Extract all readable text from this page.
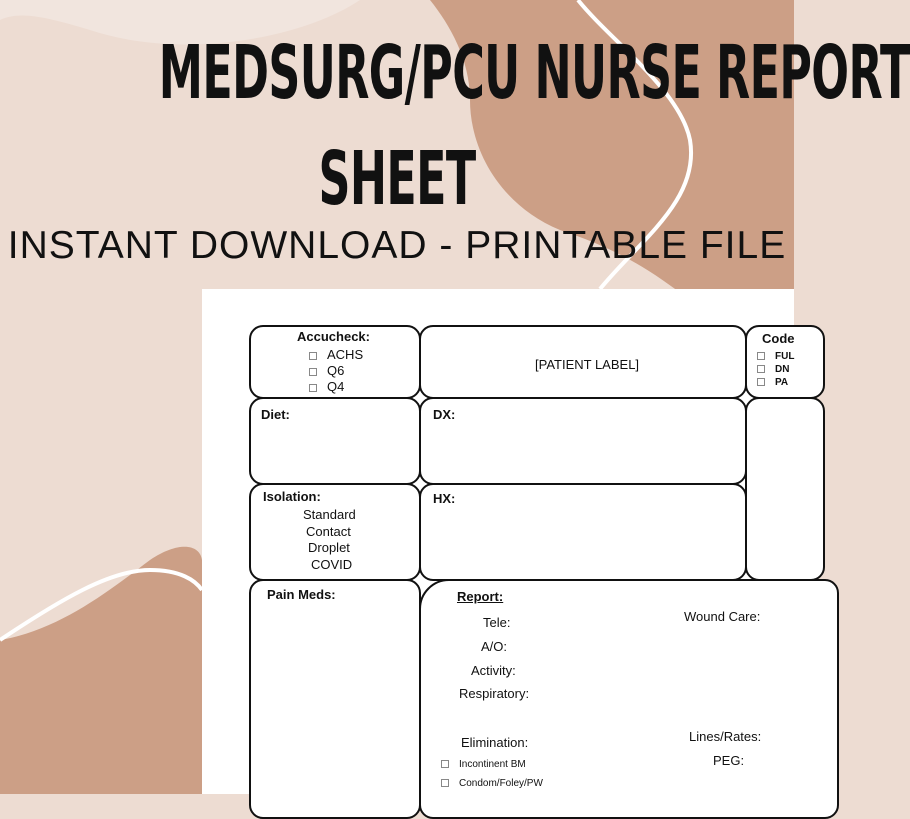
MEDSURG/PCU NURSE REPORT
SHEET
INSTANT DOWNLOAD - PRINTABLE FILE
Accucheck:
ACHS
Q6
Q4
[PATIENT LABEL]
Code
FUL
DN
PA
Diet:	DX:
Isolation:
Standard
Contact
Droplet
COVID
HX:
Pain Meds:	Report:
Tele:
A/O:
Activity:
Respiratory:
Elimination:
Incontinent BM
Condom/Foley/PW
Wound Care:
Lines/Rates:
PEG:
